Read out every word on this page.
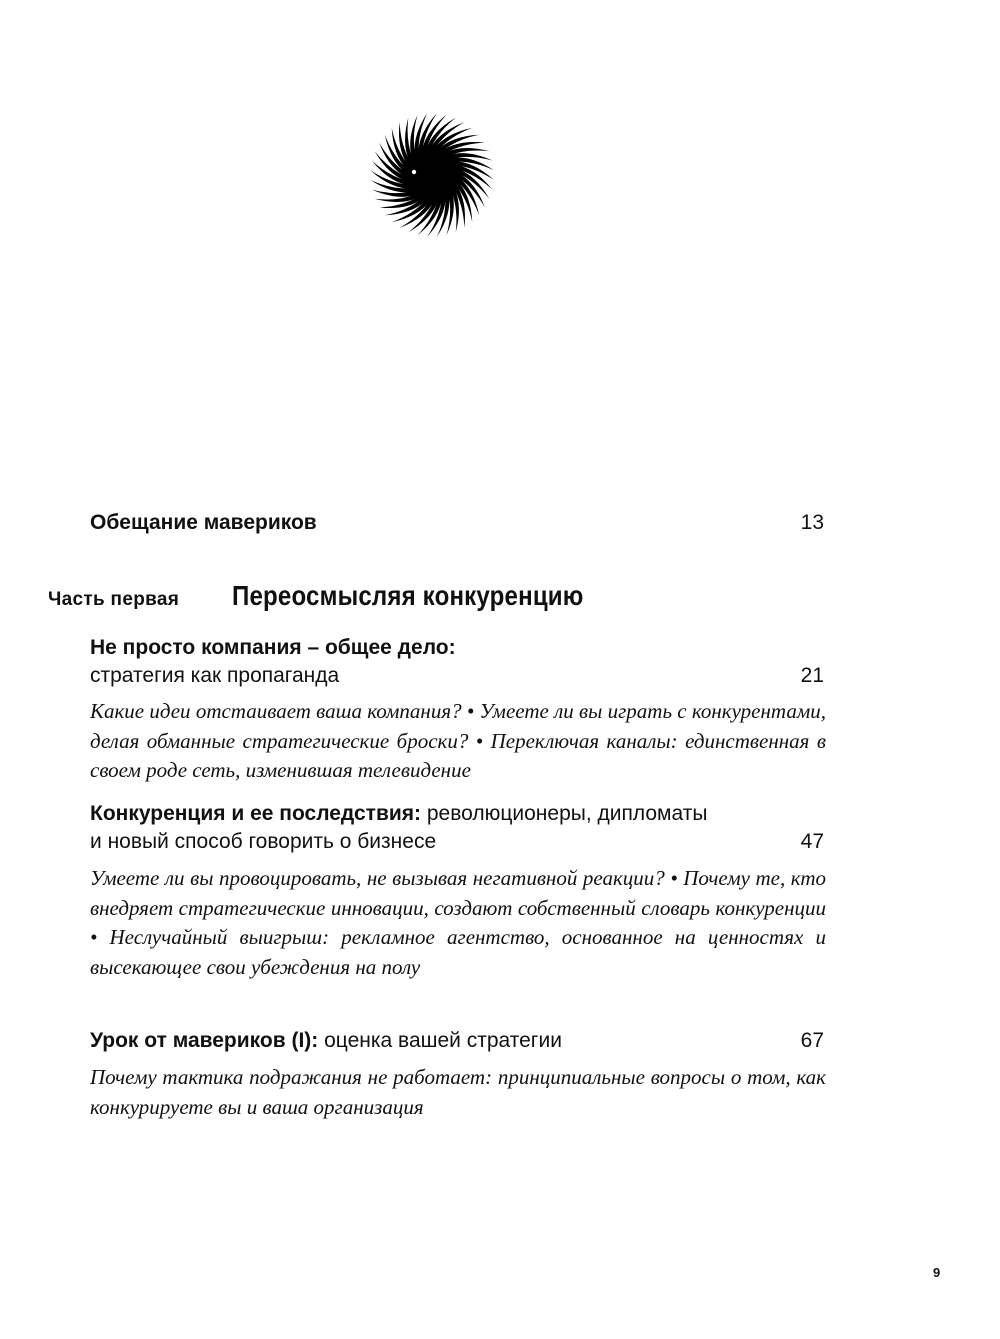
Обещание мавериков	13
Часть первая Переосмысляя конкуренцию
Не просто компания – общее дело:
стратегия как пропаганда	21
Какие идеи отстаивает ваша компания? • Умеете ли вы играть с конкурентами, делая обманные стратегические броски? • Переключая каналы: единственная в своем роде сеть, изменившая телевидение
Конкуренция и ее последствия: революционеры, дипломаты
и новый способ говорить о бизнесе	47
Умеете ли вы провоцировать, не вызывая негативной реакции? • Почему те, кто внедряет стратегические инновации, создают собственный словарь конкуренции • Неслучайный выигрыш: рекламное агентство, основанное на ценностях и высекающее свои убеждения на полу
Урок от мавериков (I): оценка вашей стратегии	67
Почему тактика подражания не работает: принципиальные вопросы о том, как конкурируете вы и ваша организация
9
